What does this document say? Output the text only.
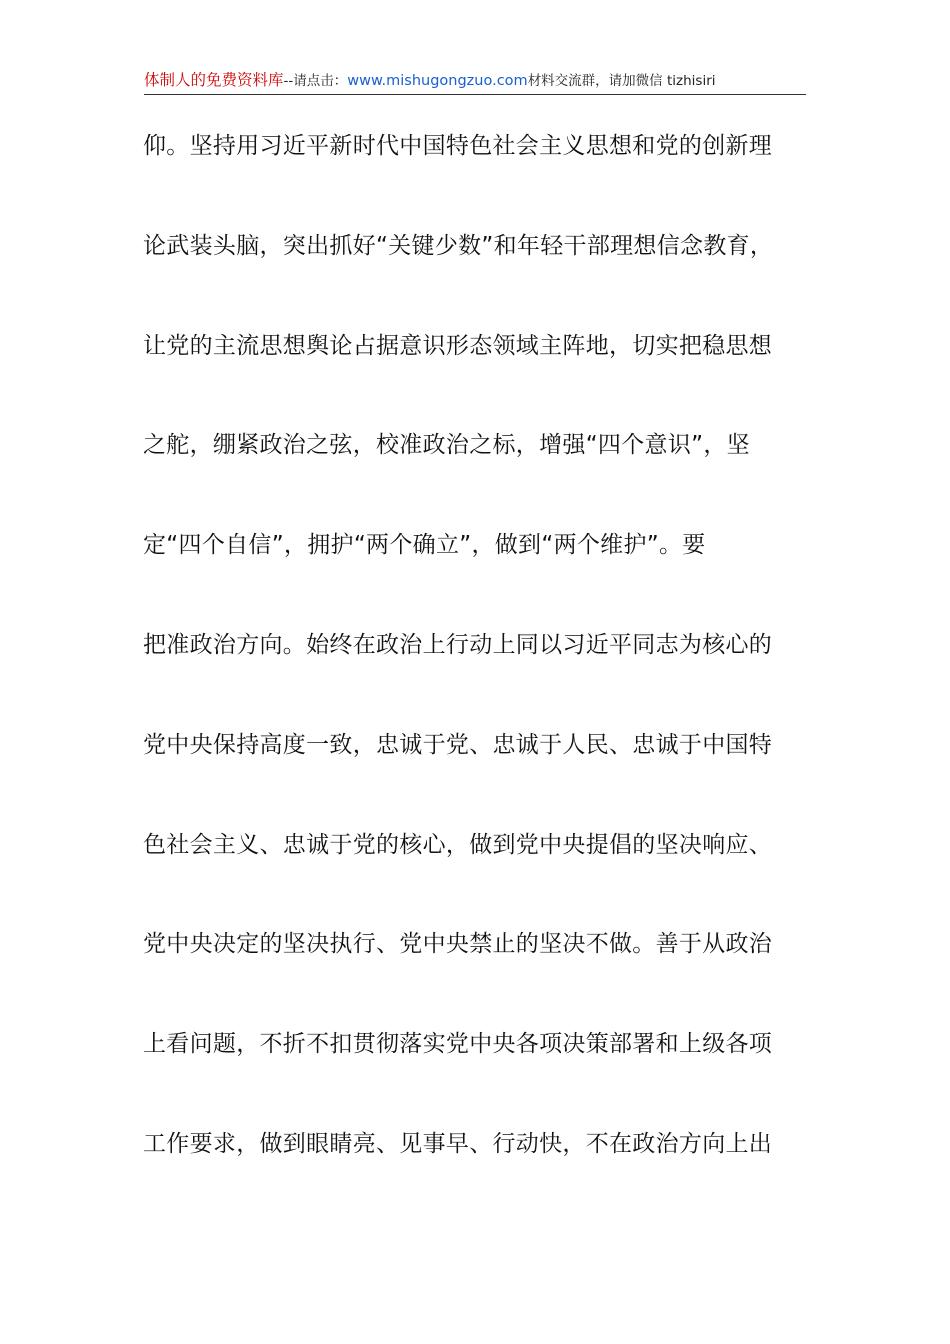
体制人的免费资料库--请点击：www.mishugongzuo.com材料交流群，请加微信 tizhisiri
仰。坚持用习近平新时代中国特色社会主义思想和党的创新理
论武装头脑，突出抓好“关键少数”和年轻干部理想信念教育，
让党的主流思想舆论占据意识形态领域主阵地，切实把稳思想
之舵，绷紧政治之弦，校准政治之标，增强“四个意识”，坚
定“四个自信”，拥护“两个确立”，做到“两个维护”。要
把准政治方向。始终在政治上行动上同以习近平同志为核心的
党中央保持高度一致，忠诚于党、忠诚于人民、忠诚于中国特
色社会主义、忠诚于党的核心，做到党中央提倡的坚决响应、
党中央决定的坚决执行、党中央禁止的坚决不做。善于从政治
上看问题，不折不扣贯彻落实党中央各项决策部署和上级各项
工作要求，做到眼睛亮、见事早、行动快，不在政治方向上出
